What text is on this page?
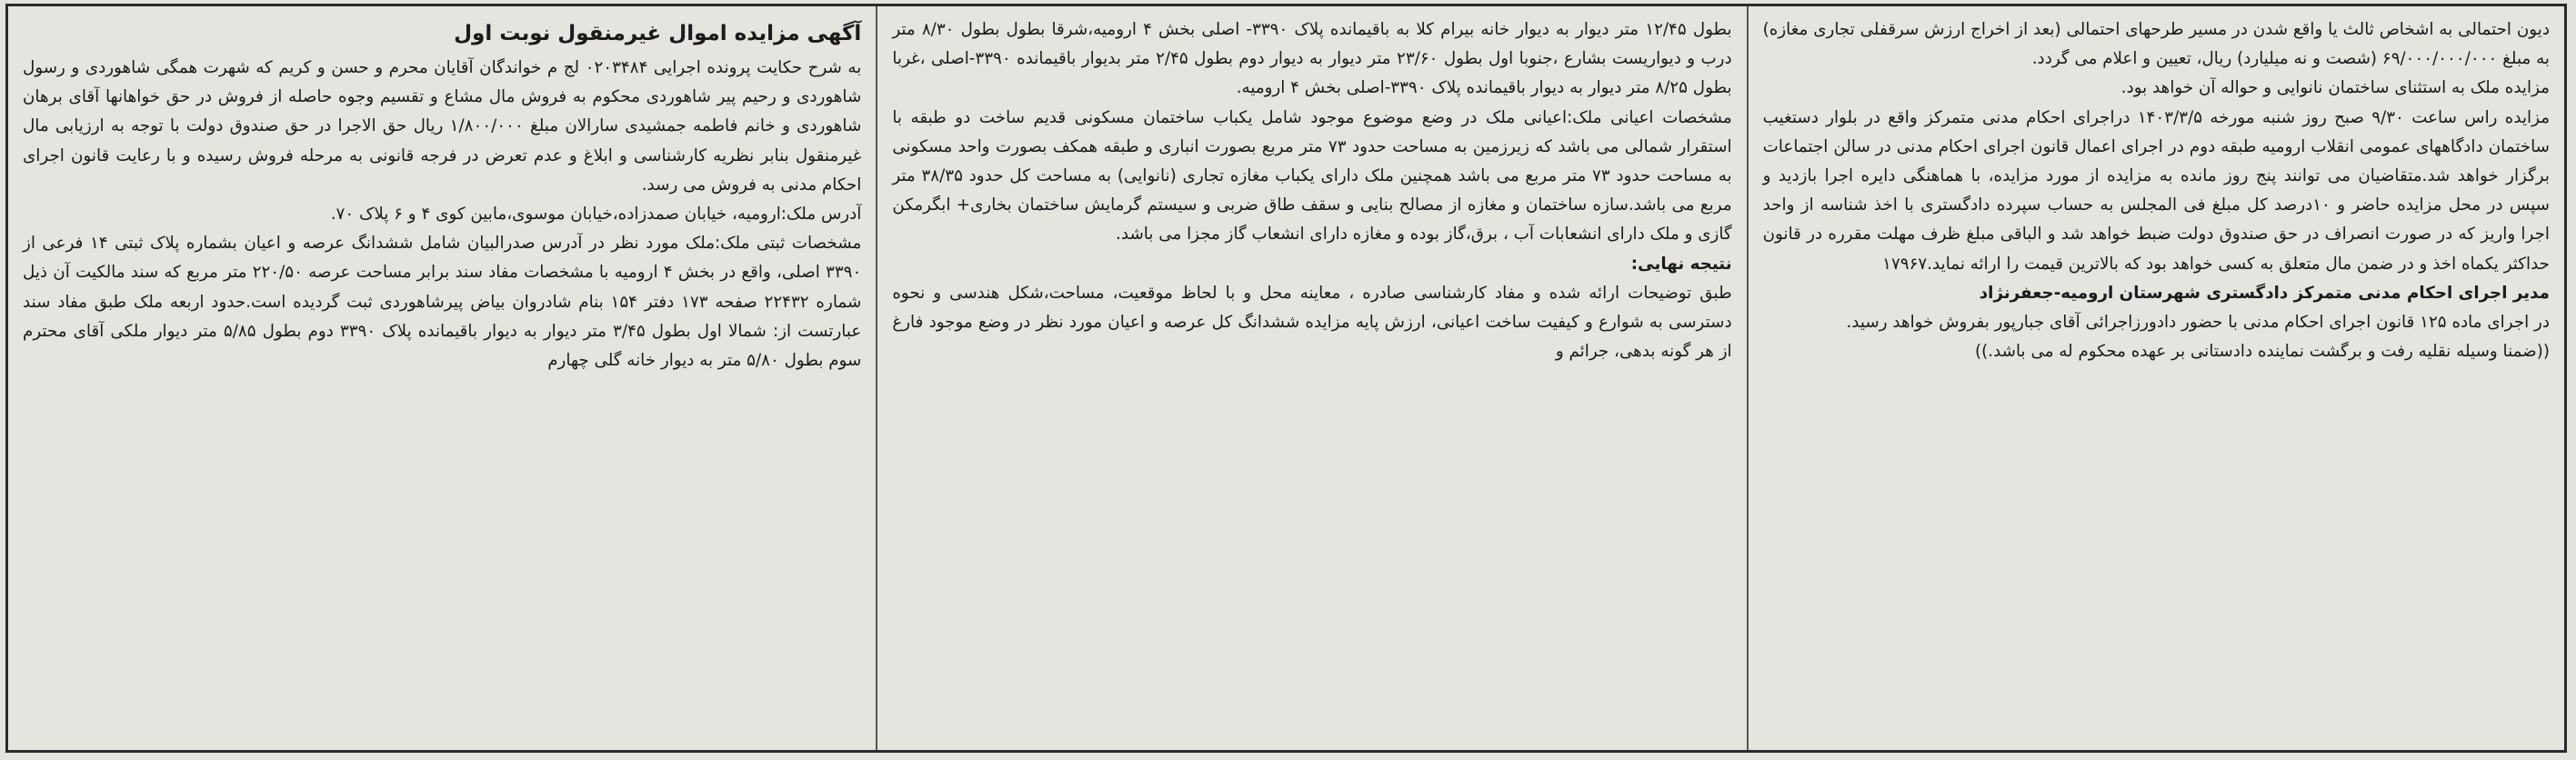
آگهی مزایده اموال غیرمنقول نوبت اول

به شرح حکایت پرونده اجرایی ۰۲۰۳۴۸۴ لج م خواندگان آقایان محرم و حسن و کریم که شهرت همگی شاهوردی و رسول شاهوردی و رحیم پیر شاهوردی محکوم به فروش مال مشاع و تقسیم وجوه حاصله از فروش در حق خواهانها آقای برهان شاهوردی و خانم فاطمه جمشیدی سارالان مبلغ ۱/۸۰۰/۰۰۰ ریال حق الاجرا در حق صندوق دولت با توجه به ارزیابی مال غیرمنقول بنابر نظریه کارشناسی و ابلاغ و عدم تعرض در فرجه قانونی به مرحله فروش رسیده و با رعایت قانون اجرای احکام مدنی به فروش می رسد.

آدرس ملک:ارومیه، خیابان صمدزاده،خیابان موسوی،مابین کوی ۴ و ۶ پلاک ۷۰.

مشخصات ثبتی ملک:ملک مورد نظر در آدرس صدرالبیان شامل ششدانگ عرصه و اعیان بشماره پلاک ثبتی ۱۴ فرعی از ۳۳۹۰ اصلی، واقع در بخش ۴ ارومیه با مشخصات مفاد سند برابر مساحت عرصه ۲۲۰/۵۰ متر مربع که سند مالکیت آن ذیل شماره ۲۲۴۳۲ صفحه ۱۷۳ دفتر ۱۵۴ بنام شادروان بیاض پیرشاهوردی ثبت گردیده است.حدود اربعه ملک طبق مفاد سند عبارتست از: شمالا اول بطول ۳/۴۵ متر دیوار به دیوار باقیمانده پلاک ۳۳۹۰ دوم بطول ۵/۸۵ متر دیوار ملکی آقای محترم سوم بطول ۵/۸۰ متر به دیوار خانه گلی چهارم

بطول ۱۲/۴۵ متر دیوار به دیوار خانه بیرام کلا به باقیمانده پلاک ۳۳۹۰- اصلی بخش ۴ ارومیه،شرقا بطول بطول ۸/۳۰ متر درب و دیواریست بشارع ،جنوبا اول بطول ۲۳/۶۰ متر دیوار به دیوار دوم بطول ۲/۴۵ متر بدیوار باقیمانده ۳۳۹۰-اصلی ،غربا بطول ۸/۲۵ متر دیوار به دیوار باقیمانده پلاک ۳۳۹۰-اصلی بخش ۴ ارومیه.

مشخصات اعیانی ملک:اعیانی ملک در وضع موضوع موجود شامل یکباب ساختمان مسکونی قدیم ساخت دو طبقه با استقرار شمالی می باشد که زیرزمین به مساحت حدود ۷۳ متر مربع بصورت انباری و طبقه همکف بصورت واحد مسکونی به مساحت حدود ۷۳ متر مربع می باشد همچنین ملک دارای یکباب مغازه تجاری (نانوایی) به مساحت کل حدود ۳۸/۳۵ متر مربع می باشد.سازه ساختمان و مغازه از مصالح بنایی و سقف طاق ضربی و سیستم گرمایش ساختمان بخاری+ ابگرمکن گازی و ملک دارای انشعابات آب ، برق،گاز بوده و مغازه دارای انشعاب گاز مجزا می باشد.

نتیجه نهایی:

طبق توضیحات ارائه شده و مفاد کارشناسی صادره ، معاینه محل و با لحاظ موقعیت، مساحت،شکل هندسی و نحوه دسترسی به شوارع و کیفیت ساخت اعیانی، ارزش پایه مزایده ششدانگ کل عرصه و اعیان مورد نظر در وضع موجود فارغ از هر گونه بدهی، جرائم و

دیون احتمالی به اشخاص ثالث یا واقع شدن در مسیر طرحهای احتمالی (بعد از اخراج ارزش سرقفلی تجاری مغازه) به مبلغ ۶۹/۰۰۰/۰۰۰/۰۰۰ (شصت و نه میلیارد) ریال، تعیین و اعلام می گردد.

مزایده ملک به استثنای ساختمان نانوایی و حواله آن خواهد بود.

مزایده راس ساعت ۹/۳۰ صبح روز شنبه مورخه ۱۴۰۳/۳/۵ دراجرای احکام مدنی متمرکز واقع در بلوار دستغیب ساختمان دادگاههای عمومی انقلاب ارومیه طبقه دوم در اجرای اعمال قانون اجرای احکام مدنی در سالن اجتماعات برگزار خواهد شد.متقاضیان می توانند پنج روز مانده به مزایده از مورد مزایده، با هماهنگی دایره اجرا بازدید و سپس در محل مزایده حاضر و ۱۰درصد کل مبلغ فی المجلس به حساب سپرده دادگستری با اخذ شناسه از واحد اجرا واریز که در صورت انصراف در حق صندوق دولت ضبط خواهد شد و الباقی مبلغ ظرف مهلت مقرره در قانون حداکثر یکماه اخذ و در ضمن مال متعلق به کسی خواهد بود که بالاترین قیمت را ارائه نماید.۱۷۹۶۷

مدیر اجرای احکام مدنی متمرکز دادگستری شهرستان ارومیه-جعفرنژاد

در اجرای ماده ۱۲۵ قانون اجرای احکام مدنی با حضور دادورزاجرائی آقای جبارپور بفروش خواهد رسید.

((ضمنا وسیله نقلیه رفت و برگشت نماینده دادستانی بر عهده محکوم له می باشد.))
